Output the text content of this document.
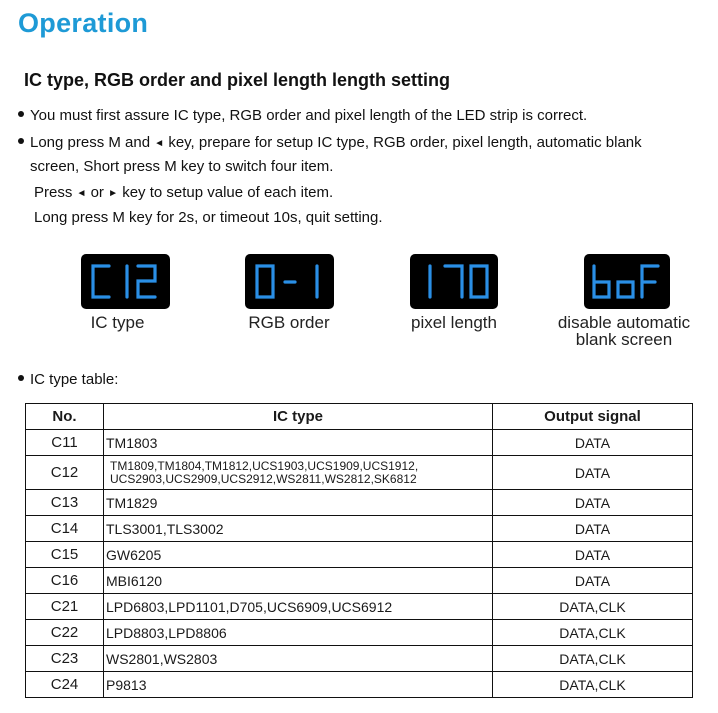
Operation
IC type, RGB order and pixel length length setting
You must first assure IC type, RGB order and pixel length of the LED strip is correct.
Long press M and ◄ key, prepare for setup IC type, RGB order, pixel length, automatic blank
screen, Short press M key to switch four item.
Press ◄ or ► key to setup value of each item.
Long press M key for 2s, or timeout 10s, quit setting.
IC type	RGB order	pixel length	disable automatic
blank screen
IC type table:
No.	IC type	Output signal
C11	TM1803	DATA
C12	TM1809,TM1804,TM1812,UCS1903,UCS1909,UCS1912,
UCS2903,UCS2909,UCS2912,WS2811,WS2812,SK6812	DATA
C13	TM1829	DATA
C14	TLS3001,TLS3002	DATA
C15	GW6205	DATA
C16	MBI6120	DATA
C21	LPD6803,LPD1101,D705,UCS6909,UCS6912	DATA,CLK
C22	LPD8803,LPD8806	DATA,CLK
C23	WS2801,WS2803	DATA,CLK
C24	P9813	DATA,CLK
